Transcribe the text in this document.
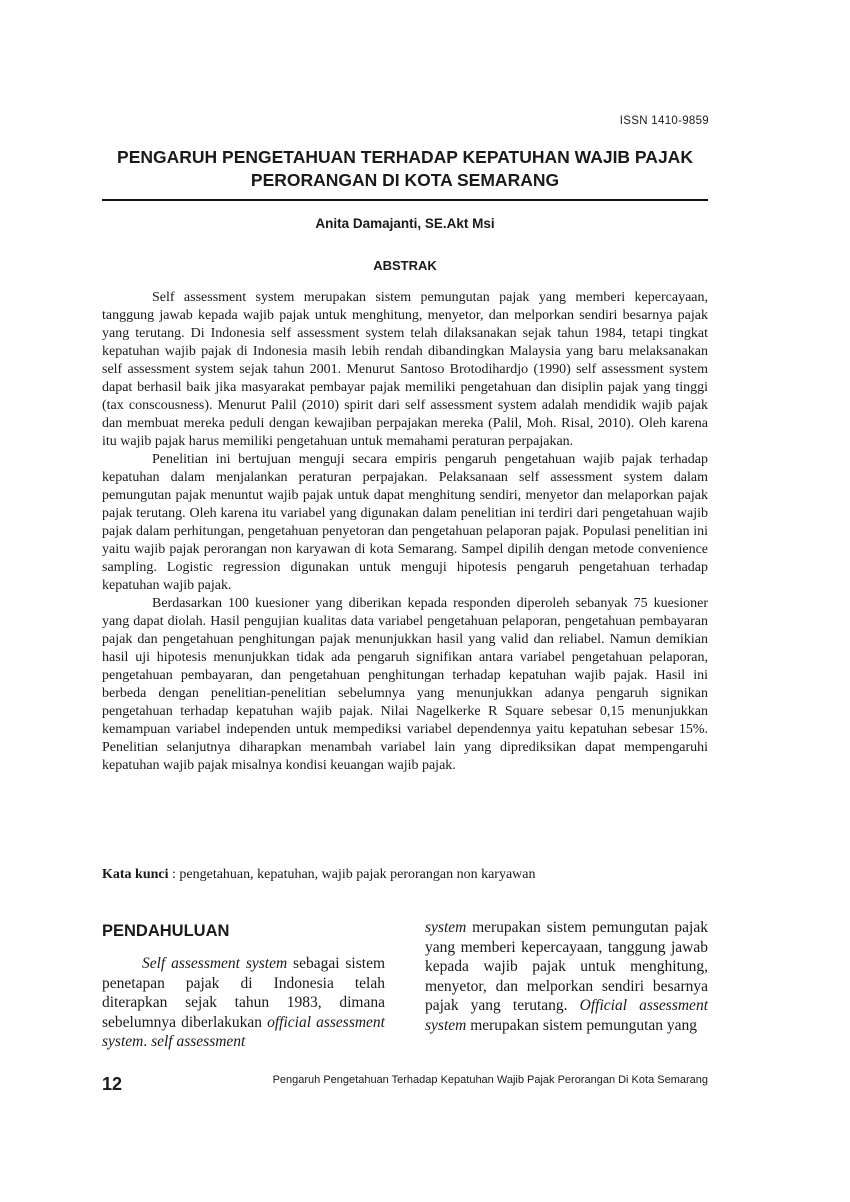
ISSN 1410-9859
PENGARUH PENGETAHUAN TERHADAP KEPATUHAN WAJIB PAJAK
PERORANGAN DI KOTA SEMARANG
Anita Damajanti, SE.Akt Msi
ABSTRAK

Self assessment system merupakan sistem pemungutan pajak yang memberi kepercayaan, tanggung jawab kepada wajib pajak untuk menghitung, menyetor, dan melporkan sendiri besarnya pajak yang terutang. Di Indonesia self assessment system telah dilaksanakan sejak tahun 1984, tetapi tingkat kepatuhan wajib pajak di Indonesia masih lebih rendah dibandingkan Malaysia yang baru melaksanakan self assessment system sejak tahun 2001. Menurut Santoso Brotodihardjo (1990) self assessment system dapat berhasil baik jika masyarakat pembayar pajak memiliki pengetahuan dan disiplin pajak yang tinggi (tax conscousness). Menurut Palil (2010) spirit dari self assessment system adalah mendidik wajib pajak dan membuat mereka peduli dengan kewajiban perpajakan mereka (Palil, Moh. Risal, 2010). Oleh karena itu wajib pajak harus memiliki pengetahuan untuk memahami peraturan perpajakan.

Penelitian ini bertujuan menguji secara empiris pengaruh pengetahuan wajib pajak terhadap kepatuhan dalam menjalankan peraturan perpajakan. Pelaksanaan self assessment system dalam pemungutan pajak menuntut wajib pajak untuk dapat menghitung sendiri, menyetor dan melaporkan pajak pajak terutang. Oleh karena itu variabel yang digunakan dalam penelitian ini terdiri dari pengetahuan wajib pajak dalam perhitungan, pengetahuan penyetoran dan pengetahuan pelaporan pajak. Populasi penelitian ini yaitu wajib pajak perorangan non karyawan di kota Semarang. Sampel dipilih dengan metode convenience sampling. Logistic regression digunakan untuk menguji hipotesis pengaruh pengetahuan terhadap kepatuhan wajib pajak.

Berdasarkan 100 kuesioner yang diberikan kepada responden diperoleh sebanyak 75 kuesioner yang dapat diolah. Hasil pengujian kualitas data variabel pengetahuan pelaporan, pengetahuan pembayaran pajak dan pengetahuan penghitungan pajak menunjukkan hasil yang valid dan reliabel. Namun demikian hasil uji hipotesis menunjukkan tidak ada pengaruh signifikan antara variabel pengetahuan pelaporan, pengetahuan pembayaran, dan pengetahuan penghitungan terhadap kepatuhan wajib pajak. Hasil ini berbeda dengan penelitian-penelitian sebelumnya yang menunjukkan adanya pengaruh signikan pengetahuan terhadap kepatuhan wajib pajak. Nilai Nagelkerke R Square sebesar 0,15 menunjukkan kemampuan variabel independen untuk mempediksi variabel dependennya yaitu kepatuhan sebesar 15%. Penelitian selanjutnya diharapkan menambah variabel lain yang diprediksikan dapat mempengaruhi kepatuhan wajib pajak misalnya kondisi keuangan wajib pajak.

Kata kunci : pengetahuan, kepatuhan, wajib pajak perorangan non karyawan
PENDAHULUAN

Self assessment system sebagai sistem penetapan pajak di Indonesia telah diterapkan sejak tahun 1983, dimana sebelumnya diberlakukan official assessment system. self assessment

system merupakan sistem pemungutan pajak yang memberi kepercayaan, tanggung jawab kepada wajib pajak untuk menghitung, menyetor, dan melporkan sendiri besarnya pajak yang terutang. Official assessment system merupakan sistem pemungutan yang

12	Pengaruh Pengetahuan Terhadap Kepatuhan Wajib Pajak Perorangan Di Kota Semarang
